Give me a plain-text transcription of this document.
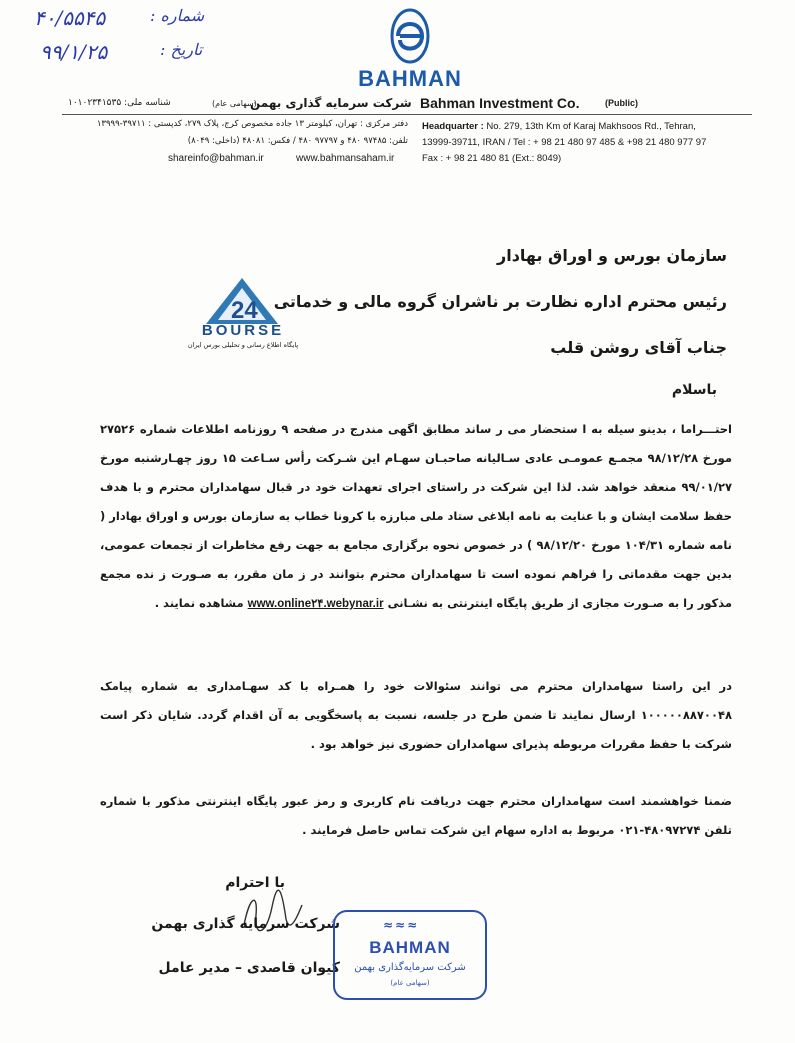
۴۰/۵۵۴۵	: شماره
۹۹/۱/۲۵	: تاریخ
BAHMAN
شناسه ملی: ۱۰۱۰۲۳۴۱۵۳۵	شرکت سرمایه گذاری بهمن
(سهامی عام)	Bahman Investment Co.	(Public)
دفتر مرکزی : تهران، کیلومتر ۱۳ جاده مخصوص کرج، پلاک ۲۷۹، کدپستی : ۳۹۷۱۱-۱۳۹۹۹
تلفن: ۹۷۴۸۵ ۴۸۰ و ۹۷۷۹۷ ۴۸۰ / فکس: ۴۸۰۸۱ (داخلی: ۸۰۴۹)
shareinfo@bahman.ir	www.bahmansaham.ir
Headquarter : No. 279, 13th Km of Karaj Makhsoos Rd., Tehran,
13999-39711, IRAN / Tel : + 98 21 480 97 485 & +98 21 480 977 97
Fax : + 98 21 480 81 (Ext.: 8049)
سازمان بورس و اوراق بهادار
رئیس محترم اداره نظارت بر ناشران گروه مالی و خدماتی
جناب آقای روشن قلب
باسلام
24
BOURSE
پایگاه اطلاع رسانی و تحلیلی بورس ایران
احتـــراما ، بدینو سیله به ا ستحضار می ر ساند مطابق اگهی مندرج در صفحه ۹ روزنامه اطلاعات شماره ۲۷۵۲۶ مورخ ۹۸/۱۲/۲۸ مجمـع عمومـی عادی سـالیانه صاحبـان سهـام این شـرکت رأس سـاعت ۱۵ روز چهـارشنبه مورخ ۹۹/۰۱/۲۷ منعقد خواهد شد. لذا این شرکت در راستای اجرای تعهدات خود در قبال سهامداران محترم و با هدف حفظ سلامت ایشان و با عنایت به نامه ابلاغی ستاد ملی مبارزه با کرونا خطاب به سازمان بورس و اوراق بهادار ( نامه شماره ۱۰۴/۳۱ مورخ ۹۸/۱۲/۲۰ ) در خصوص نحوه برگزاری مجامع به جهت رفع مخاطرات از تجمعات عمومی، بدین جهت مقدماتی را فراهم نموده است تا سهامداران محترم بتوانند در ز مان مقرر، به صـورت ز نده مجمع مذکور را به صـورت مجازی از طریق پایگاه اینترنتی به نشـانی www.online۲۴.webynar.ir مشاهده نمایند .
در این راستا سهامداران محترم می توانند سئوالات خود را همـراه با کد سهـامداری به شماره پیامک ۱۰۰۰۰۰۸۸۷۰۰۴۸ ارسال نمایند تا ضمن طرح در جلسه، نسبت به پاسخگویی به آن اقدام گردد. شایان ذکر است شرکت با حفظ مقررات مربوطه پذیرای سهامداران حضوری نیز خواهد بود .
ضمنا خواهشمند است سهامداران محترم جهت دریافت نام کاربری و رمز عبور پایگاه اینترنتی مذکور با شماره تلفن ۴۸۰۹۷۲۷۴-۰۲۱ مربوط به اداره سهام این شرکت تماس حاصل فرمایند .
با احترام
شرکت سرمایه گذاری بهمن
کیوان قاصدی – مدیر عامل
≈≈≈
BAHMAN
شرکت سرمایه‌گذاری بهمن
(سهامی عام)
